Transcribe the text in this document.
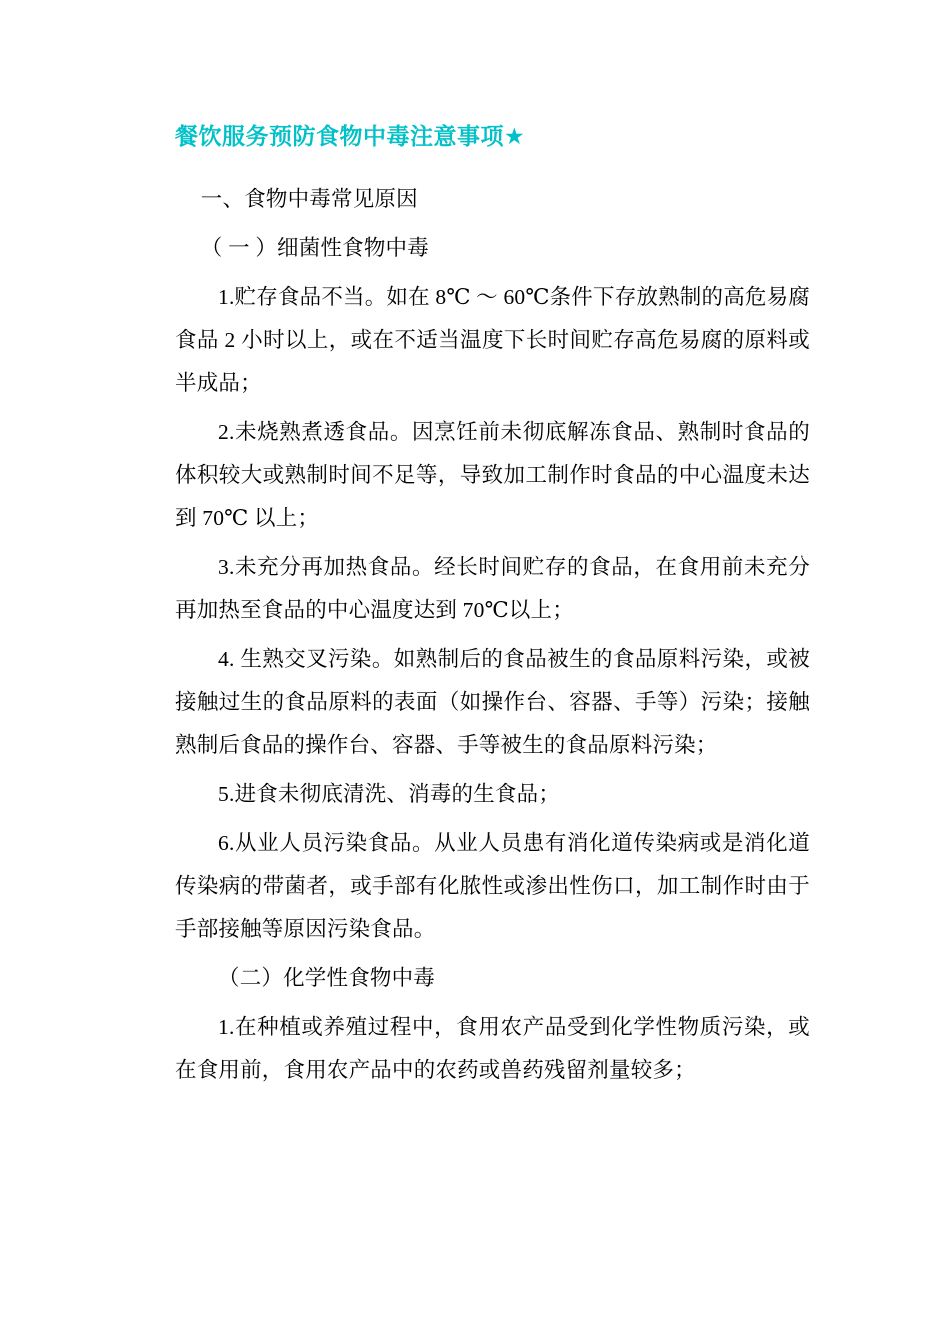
餐饮服务预防食物中毒注意事项★

一、食物中毒常见原因

（ 一 ）细菌性食物中毒

1.贮存食品不当。如在 8℃ ～ 60℃条件下存放熟制的高危易腐食品 2 小时以上，或在不适当温度下长时间贮存高危易腐的原料或半成品；

2.未烧熟煮透食品。因烹饪前未彻底解冻食品、熟制时食品的体积较大或熟制时间不足等，导致加工制作时食品的中心温度未达到 70℃ 以上；

3.未充分再加热食品。经长时间贮存的食品，在食用前未充分再加热至食品的中心温度达到 70℃以上；

4. 生熟交叉污染。如熟制后的食品被生的食品原料污染，或被接触过生的食品原料的表面（如操作台、容器、手等）污染；接触熟制后食品的操作台、容器、手等被生的食品原料污染；

5.进食未彻底清洗、消毒的生食品；

6.从业人员污染食品。从业人员患有消化道传染病或是消化道传染病的带菌者，或手部有化脓性或渗出性伤口，加工制作时由于手部接触等原因污染食品。

（二）化学性食物中毒

1.在种植或养殖过程中，食用农产品受到化学性物质污染，或在食用前，食用农产品中的农药或兽药残留剂量较多；
